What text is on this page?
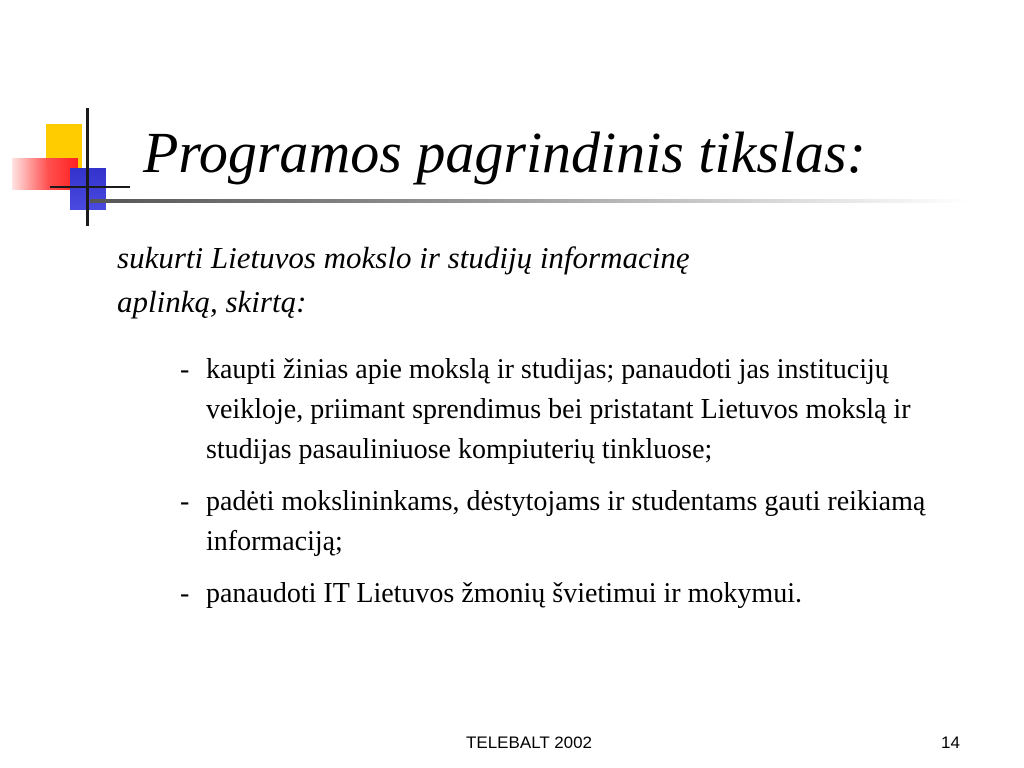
Programos pagrindinis tikslas:

sukurti Lietuvos mokslo ir studijų informacinę
aplinką, skirtą:

- kaupti žinias apie mokslą ir studijas; panaudoti jas institucijų veikloje, priimant sprendimus bei pristatant Lietuvos mokslą ir studijas pasauliniuose kompiuterių tinkluose;
- padėti mokslininkams, dėstytojams ir studentams gauti reikiamą informaciją;
- panaudoti IT Lietuvos žmonių švietimui ir mokymui.
TELEBALT 2002	14
